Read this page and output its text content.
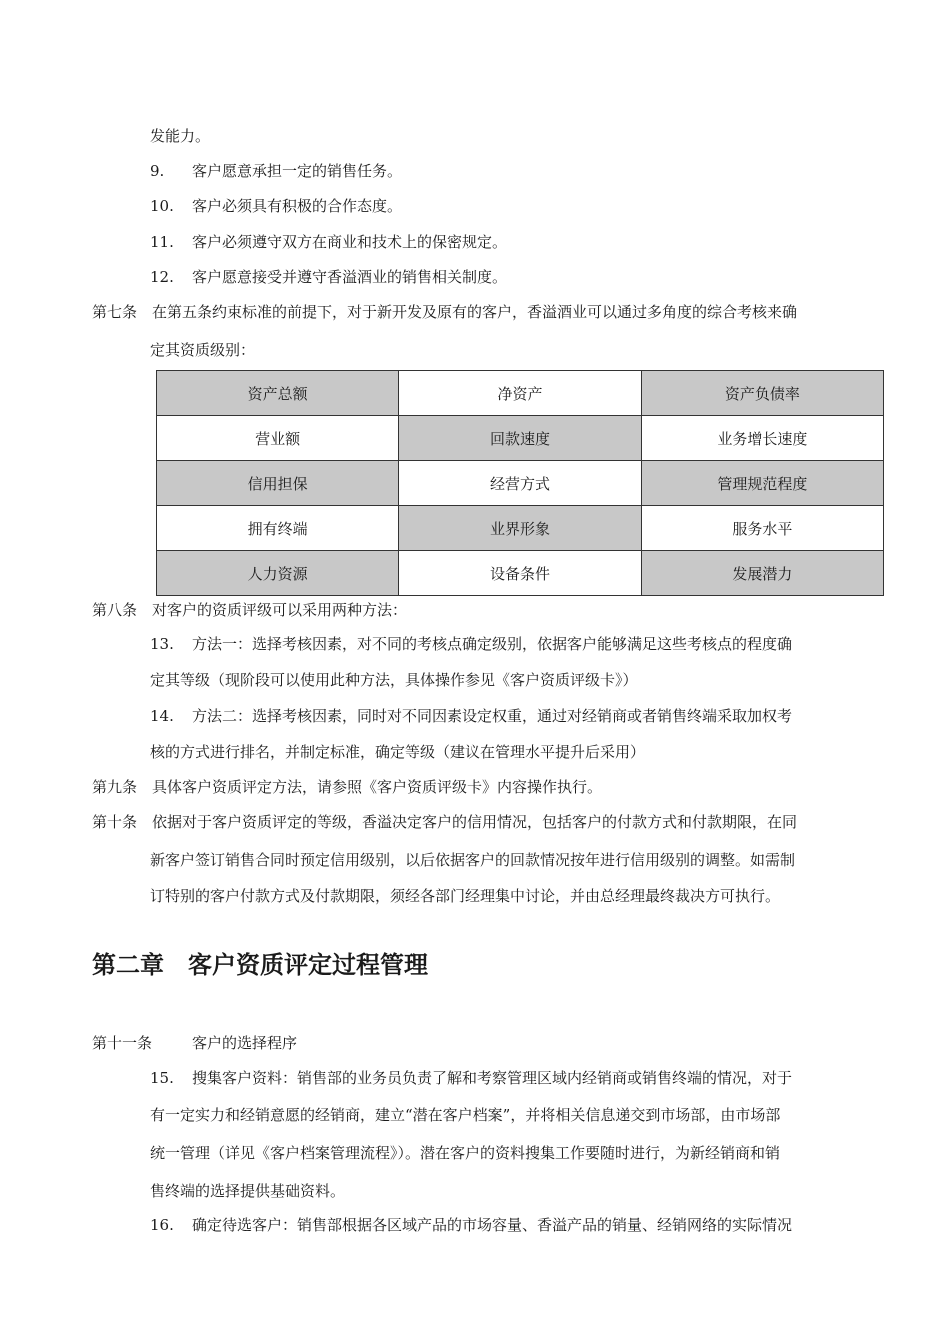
发能力。
9. 客户愿意承担一定的销售任务。
10. 客户必须具有积极的合作态度。
11. 客户必须遵守双方在商业和技术上的保密规定。
12. 客户愿意接受并遵守香溢酒业的销售相关制度。
第七条 在第五条约束标准的前提下，对于新开发及原有的客户，香溢酒业可以通过多角度的综合考核来确
定其资质级别：
资产总额	净资产	资产负债率
营业额	回款速度	业务增长速度
信用担保	经营方式	管理规范程度
拥有终端	业界形象	服务水平
人力资源	设备条件	发展潜力
第八条 对客户的资质评级可以采用两种方法：
13. 方法一：选择考核因素，对不同的考核点确定级别，依据客户能够满足这些考核点的程度确
定其等级（现阶段可以使用此种方法，具体操作参见《客户资质评级卡》）
14. 方法二：选择考核因素，同时对不同因素设定权重，通过对经销商或者销售终端采取加权考
核的方式进行排名，并制定标准，确定等级（建议在管理水平提升后采用）
第九条 具体客户资质评定方法，请参照《客户资质评级卡》内容操作执行。
第十条 依据对于客户资质评定的等级，香溢决定客户的信用情况，包括客户的付款方式和付款期限，在同
新客户签订销售合同时预定信用级别，以后依据客户的回款情况按年进行信用级别的调整。如需制
订特别的客户付款方式及付款期限，须经各部门经理集中讨论，并由总经理最终裁决方可执行。
第二章　客户资质评定过程管理
第十一条	客户的选择程序
15. 搜集客户资料：销售部的业务员负责了解和考察管理区域内经销商或销售终端的情况，对于
有一定实力和经销意愿的经销商，建立“潜在客户档案”，并将相关信息递交到市场部，由市场部
统一管理（详见《客户档案管理流程》）。潜在客户的资料搜集工作要随时进行，为新经销商和销
售终端的选择提供基础资料。
16. 确定待选客户：销售部根据各区域产品的市场容量、香溢产品的销量、经销网络的实际情况
